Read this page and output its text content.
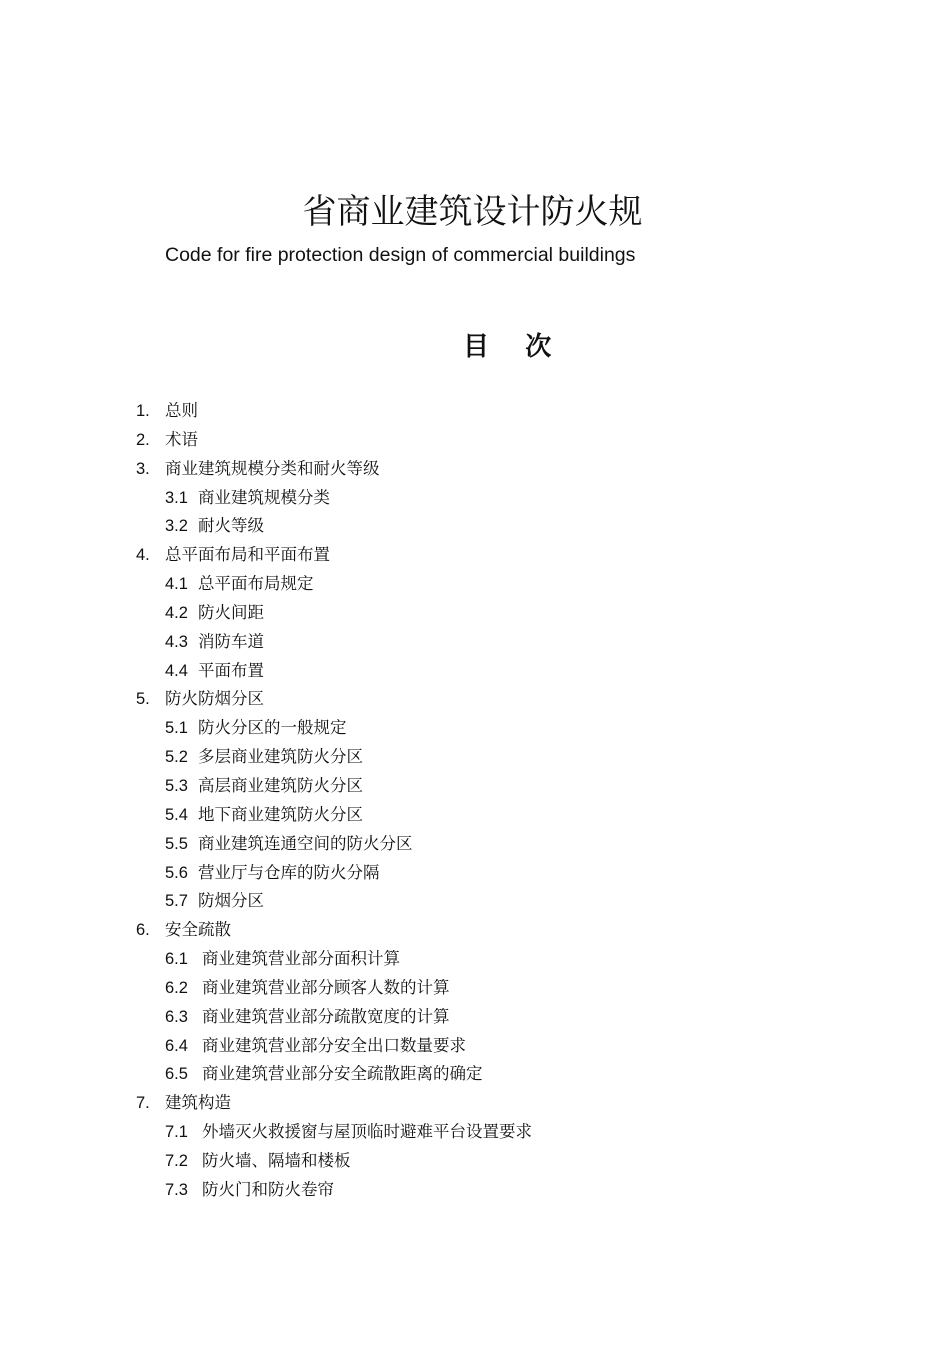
省商业建筑设计防火规

Code for fire protection design of commercial buildings

目    次
1. 总则
2. 术语
3. 商业建筑规模分类和耐火等级
3.1 商业建筑规模分类
3.2 耐火等级
4. 总平面布局和平面布置
4.1 总平面布局规定
4.2 防火间距
4.3 消防车道
4.4 平面布置
5. 防火防烟分区
5.1 防火分区的一般规定
5.2 多层商业建筑防火分区
5.3 高层商业建筑防火分区
5.4 地下商业建筑防火分区
5.5 商业建筑连通空间的防火分区
5.6 营业厅与仓库的防火分隔
5.7 防烟分区
6. 安全疏散
6.1 商业建筑营业部分面积计算
6.2 商业建筑营业部分顾客人数的计算
6.3 商业建筑营业部分疏散宽度的计算
6.4 商业建筑营业部分安全出口数量要求
6.5 商业建筑营业部分安全疏散距离的确定
7. 建筑构造
7.1 外墙灭火救援窗与屋顶临时避难平台设置要求
7.2 防火墙、隔墙和楼板
7.3 防火门和防火卷帘
